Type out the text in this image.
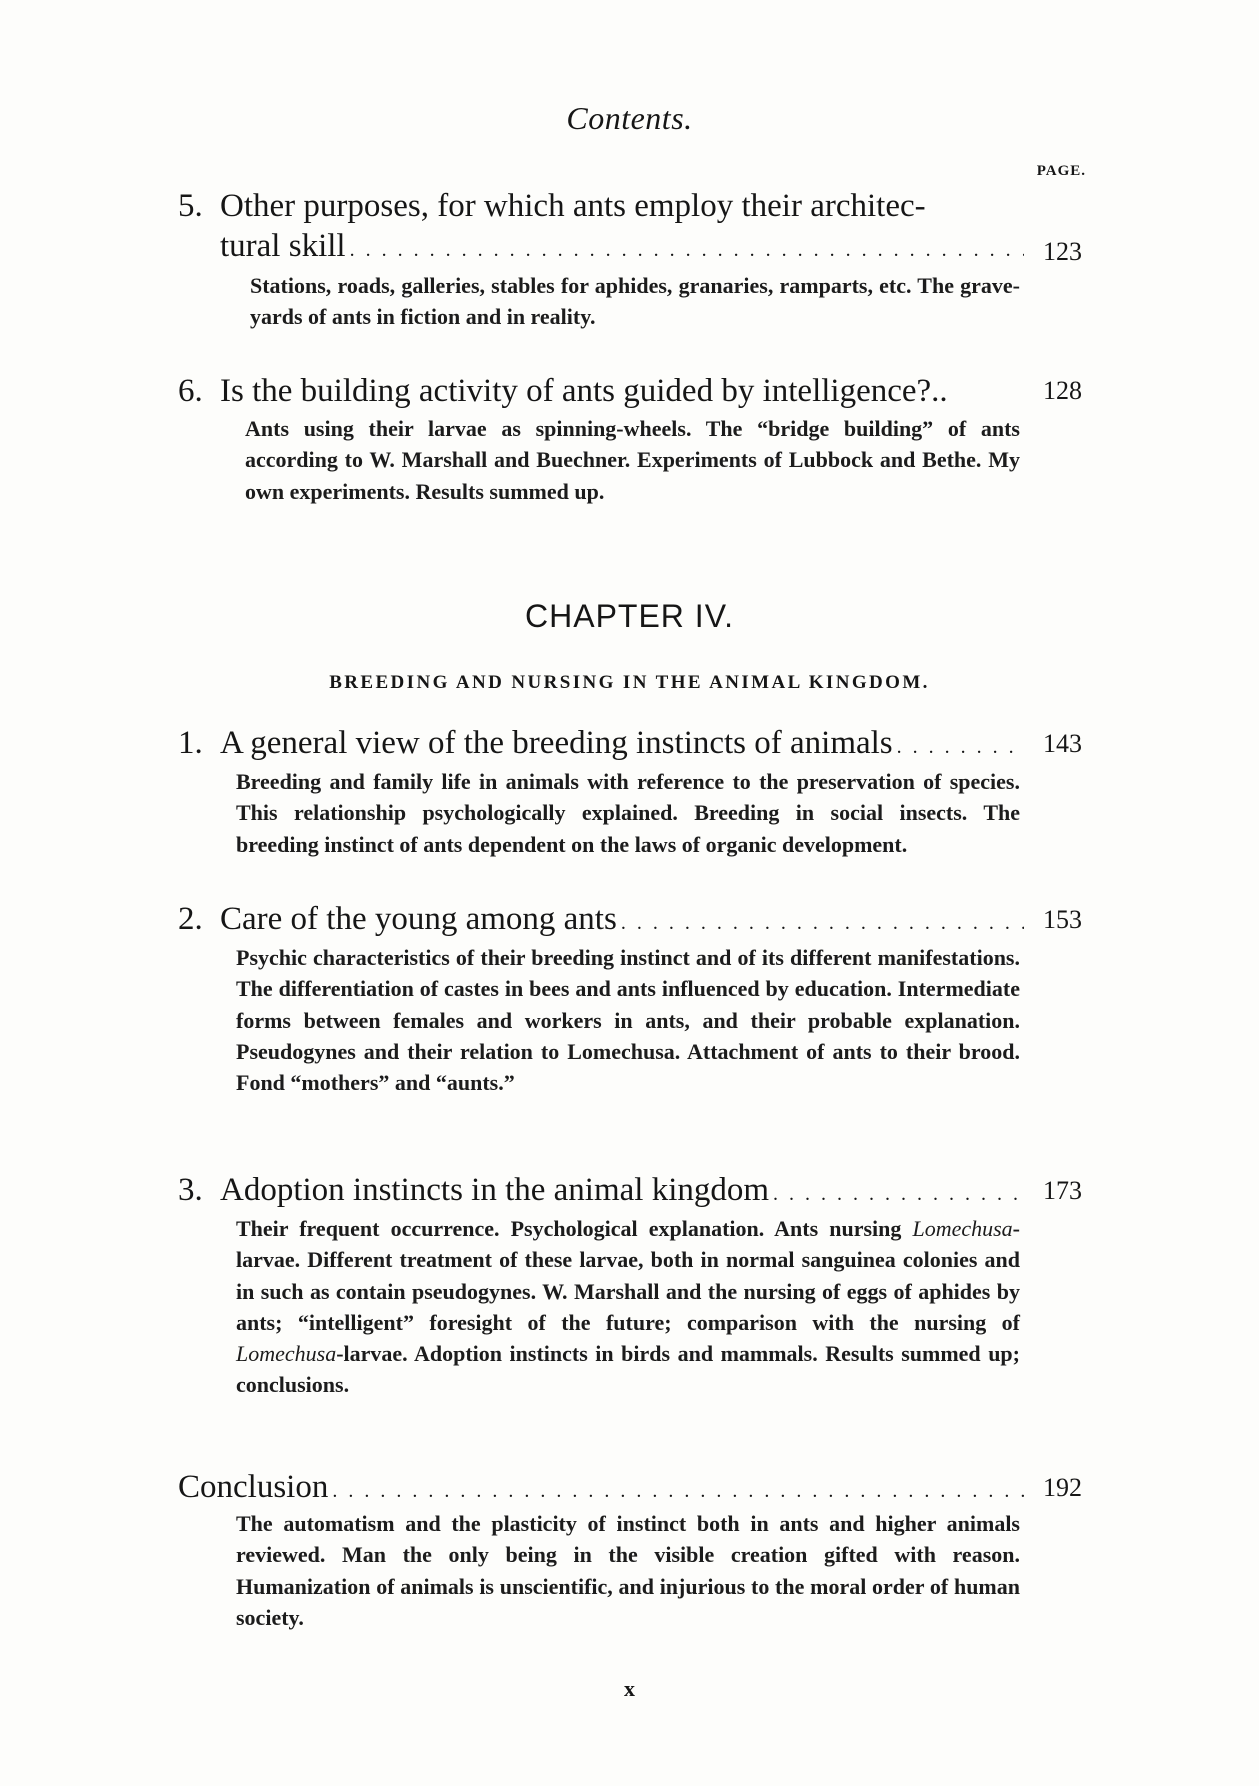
Contents.
PAGE.
5. Other purposes, for which ants employ their architec-
tural skill . . .	123
Stations, roads, galleries, stables for aphides, granaries, ramparts, etc. The grave-yards of ants in fiction and in reality.
6. Is the building activity of ants guided by intelligence?..	128
Ants using their larvae as spinning-wheels. The “bridge building” of ants according to W. Marshall and Buechner. Experiments of Lubbock and Bethe. My own experiments. Results summed up.
CHAPTER IV.
BREEDING AND NURSING IN THE ANIMAL KINGDOM.
1. A general view of the breeding instincts of animals . . .	143
Breeding and family life in animals with reference to the preservation of species. This relationship psychologically explained. Breeding in social insects. The breeding instinct of ants dependent on the laws of organic development.
2. Care of the young among ants . . .	153
Psychic characteristics of their breeding instinct and of its different manifestations. The differentiation of castes in bees and ants influenced by education. Intermediate forms between females and workers in ants, and their probable explanation. Pseudogynes and their relation to Lomechusa. Attachment of ants to their brood. Fond “mothers” and “aunts.”
3. Adoption instincts in the animal kingdom . . .	173
Their frequent occurrence. Psychological explanation. Ants nursing Lomechusa-larvae. Different treatment of these larvae, both in normal sanguinea colonies and in such as contain pseudogynes. W. Marshall and the nursing of eggs of aphides by ants; “intelligent” foresight of the future; comparison with the nursing of Lomechusa-larvae. Adoption instincts in birds and mammals. Results summed up; conclusions.
Conclusion . . .	192
The automatism and the plasticity of instinct both in ants and higher animals reviewed. Man the only being in the visible creation gifted with reason. Humanization of animals is unscientific, and injurious to the moral order of human society.
x
